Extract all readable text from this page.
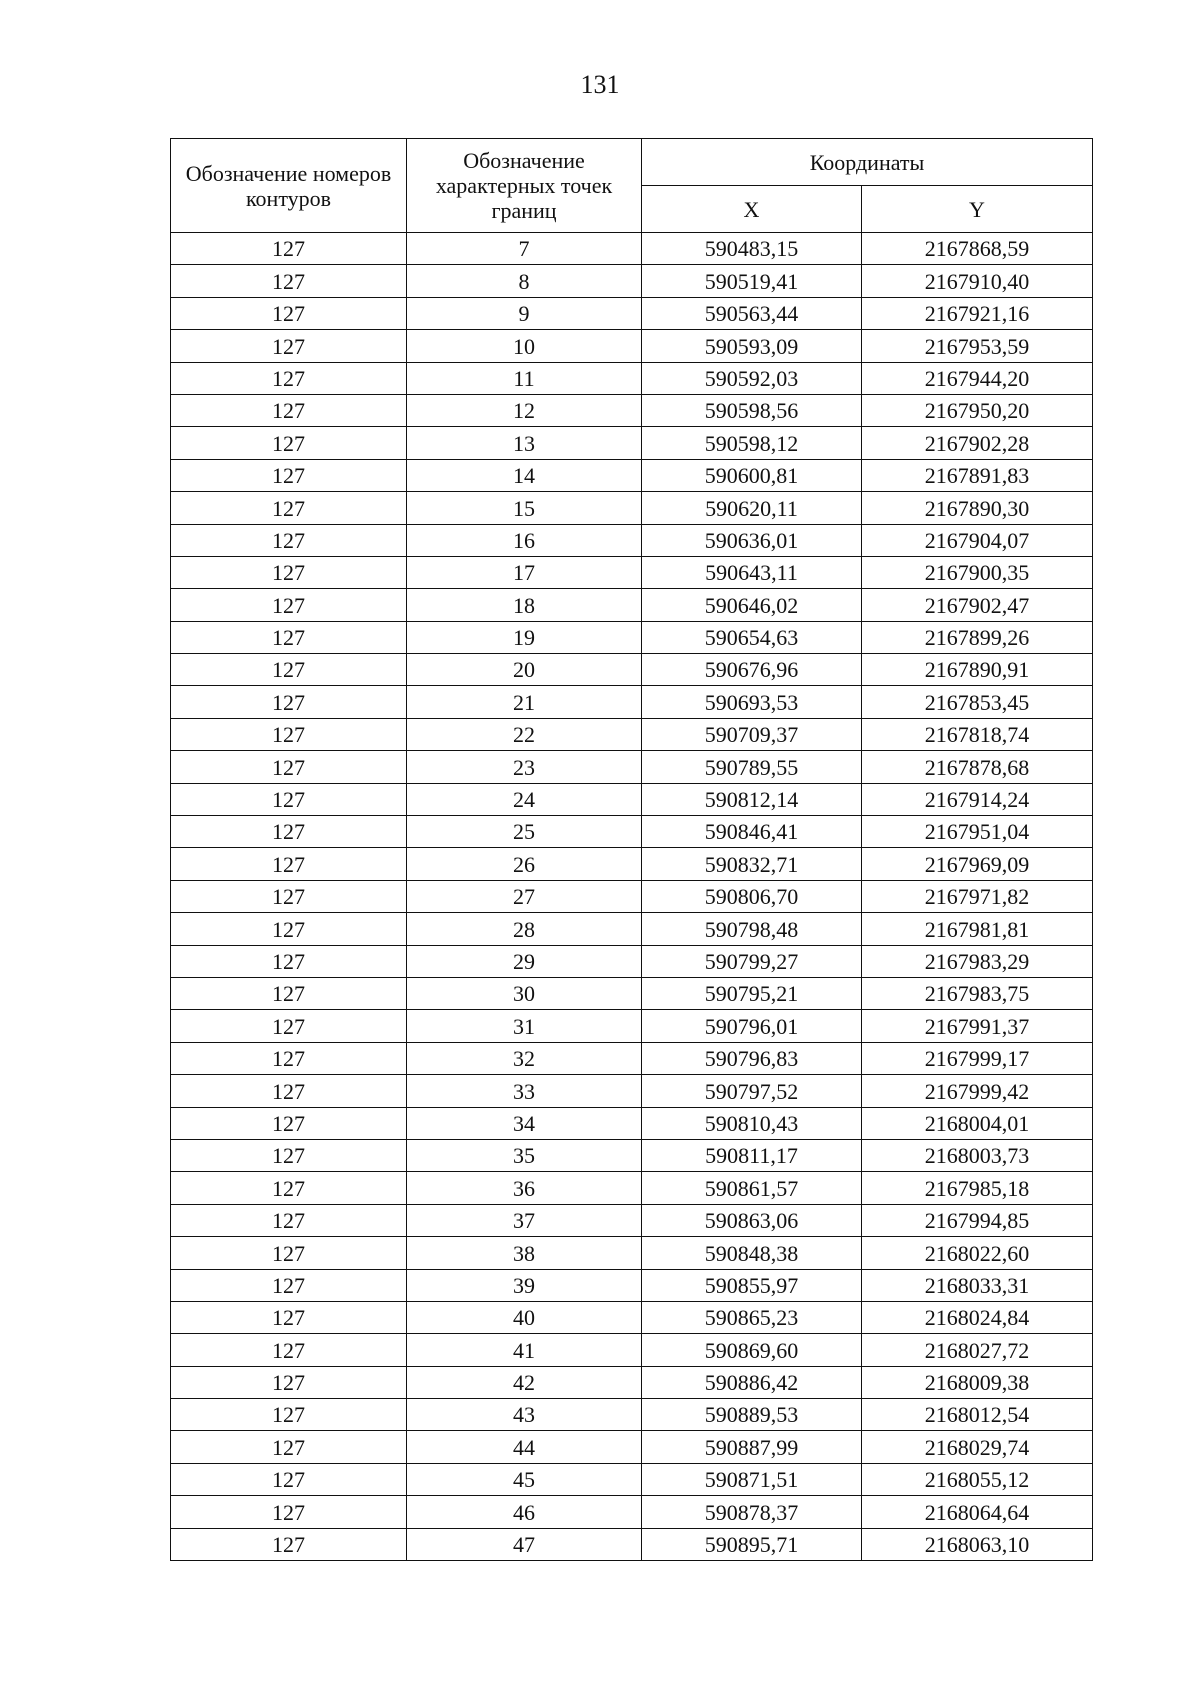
131
Обозначение номеров контуров	Обозначение характерных точек границ	Координаты	
		X	Y
127	7	590483,15	2167868,59
127	8	590519,41	2167910,40
127	9	590563,44	2167921,16
127	10	590593,09	2167953,59
127	11	590592,03	2167944,20
127	12	590598,56	2167950,20
127	13	590598,12	2167902,28
127	14	590600,81	2167891,83
127	15	590620,11	2167890,30
127	16	590636,01	2167904,07
127	17	590643,11	2167900,35
127	18	590646,02	2167902,47
127	19	590654,63	2167899,26
127	20	590676,96	2167890,91
127	21	590693,53	2167853,45
127	22	590709,37	2167818,74
127	23	590789,55	2167878,68
127	24	590812,14	2167914,24
127	25	590846,41	2167951,04
127	26	590832,71	2167969,09
127	27	590806,70	2167971,82
127	28	590798,48	2167981,81
127	29	590799,27	2167983,29
127	30	590795,21	2167983,75
127	31	590796,01	2167991,37
127	32	590796,83	2167999,17
127	33	590797,52	2167999,42
127	34	590810,43	2168004,01
127	35	590811,17	2168003,73
127	36	590861,57	2167985,18
127	37	590863,06	2167994,85
127	38	590848,38	2168022,60
127	39	590855,97	2168033,31
127	40	590865,23	2168024,84
127	41	590869,60	2168027,72
127	42	590886,42	2168009,38
127	43	590889,53	2168012,54
127	44	590887,99	2168029,74
127	45	590871,51	2168055,12
127	46	590878,37	2168064,64
127	47	590895,71	2168063,10
